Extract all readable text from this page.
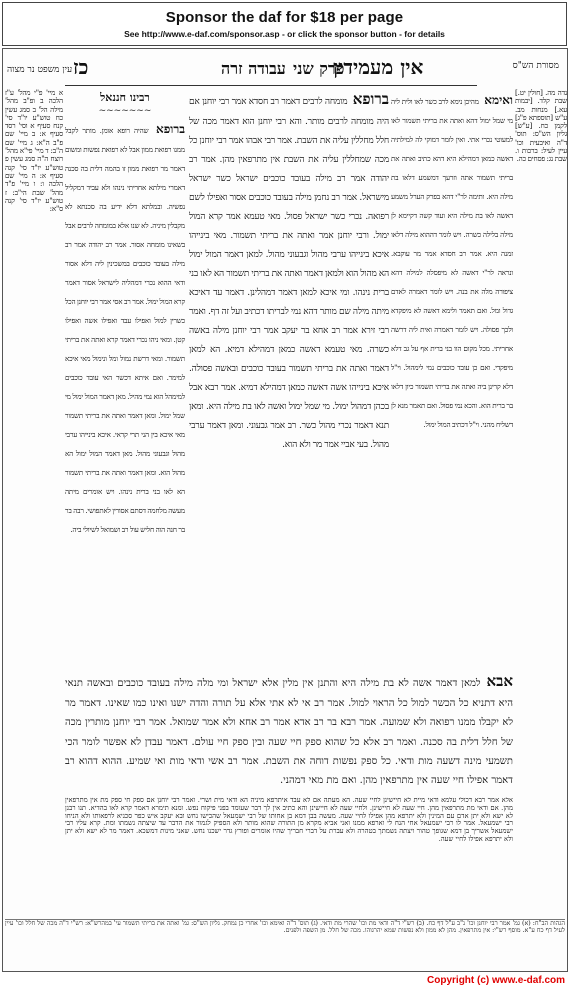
Sponsor the daf for $18 per page
See http://www.e-daf.com/sponsor.asp - or click the sponsor button - for details
עין משפט נר מצוה כז	עבודה זרה פרק שני
אין מעמידין	מסורת הש"ס
א מיי' פ"י מהל' ע"ז הלכה ב ופ"ב מהל' מילה הל' ב סמג עשין כח טוש"ע יו"ד סי' קנח סעיף א וסי' רסד סעיף א: ב מיי' שם פ"ב ה"א: ג מיי' שם ה"ב: ד מיי' פי"א מהל' רוצח ה"ה סמג עשין פ טוש"ע יו"ד סי' קנה סעיף א: ה מיי' שם הלכה ו: ו מיי' פ"ד מהל' שבת הי"ב: ז טוש"ע יו"ד סי' קנה ס"א:
רבינו חננאל
~~~~~~~
ברופא שהיה רופא אומן. מותר לקבל ממנו רפואת ממון אבל לא רפואת נפשות ומשום דאמר מר רפואת ממון זו בהמה דלית בה סכנה דאמרי מילתא אחריתי נינהו ולא עביד דמקליל נפשיה. ובמלתא דלא ידיע בה סכנתא לא מקבלין מיניה. לא שנו אלא במומחה לרבים אבל בשאינו מומחה אסור. אמר רב יהודה אמר רב מילה בעובד כוכבים במשכינין ליה דלא אסור ודאי ההוא נכרי דמהליה לישראל אסור דאמר קרא המול ימול. אמר רב אסי אמר רבי יוחנן הכל כשרין למול ואפילו עבד ואפילו אשה ואפילו קטן. ומאי ניהו נכרי דאמר קרא ואתה את בריתי תשמור. ומאי דרשת נמול ומל ונימול מאי איכא למימר. ואם איתא דכשר האי עובד כוכבים למימהל הוא נמי מהיל. מאן דאמר המול ימול מי שמל ימול. ומאן דאמר ואתה את בריתי תשמור מאי איכא בין הני תרי קראי. איכא בינייהו ערבי מהול וגבעוני מהול. מאן דאמר המול ימול הא מהול הוא. ומאן דאמר ואתה את בריתי תשמור הא לאו בני ברית נינהו. ויש אומרים מיתה מעשה מלחמה דסתם אסורין לאתפושי. רבה בר בר חנה הוה חליש עול רב ושמואל לשיולי ביה.
ברופא מומחה לרבים דאמר רב חסדא אמר רבי יוחנן אם היה מומחה לרבים מותר. והא רבי יוחנן הוא דאמר מכה של חלל מחללין עליה את השבת. אמר רבי אבהו אמר רבי יוחנן כל מכה שמחללין עליה את השבת אין מתרפאין מהן. אמר רב יהודה אמר רב מילה בעובד כוכבים ישראל כשר ישראל מישראל. אמר רב נחמן מילה בעובד כוכבים אסור ואפילו לשם רפואה. נכרי כשר ישראל פסול. מאי טעמא אמר קרא המול ימול. ורבי יוחנן אמר ואתה את בריתי תשמור. מאי בינייהו איכא בינייהו ערבי מהול וגבעוני מהול. למאן דאמר המול ימול הא מהול הוא ולמאן דאמר ואתה את בריתי תשמור הא לאו בני ברית נינהו. ומי איכא למאן דאמר דמהלינן. דאמר עד דאיכא מיתה מילה שם מותר דהא נמי לבריתו דכתיב ועל זה דף. ואמר רבי זירא אמר רב אחא בר יעקב אמר רבי יוחנן מילה באשה כשרה. מאי טעמא דאשה כמאן דמהילא דמיא. הא למאן דאמר ואתה את בריתי תשמור בעובד כוכבים ובאשה פסולה. איכא בינייהו אשה דאשה כמאן דמהילא דמיא. אמר רבא אבל בכהן דמהול ימול. מי שמל ימול ואשה לאו בת מילה היא. ומאן תנא דאמר נכרי מהול כשר. רב אמר גבעוני. ומאן דאמר ערבי מהול. בעי אביי אמר מר ולא הוא.
ואימא מהיכן נימא לרב כשר לאו ולית ליה מי שמל ימול דהא ואתה את בריתי תשמור לאו למעוטי נכרי אתי. ואין לומר דמוקי לה למילתיה דאשה כמאן דמהילא היא דהא כתיב ואתה את בריתי תשמור אתה וזרעך דמשמע דלאו בת מילה היא. ותימה לר"י דהא בפרק הערל משמע דאשה לאו בת מילה היא ועוד קשה דקיימא לן מילה בלילה כשרה. ויש לומר דההוא מילה דלאו זמנה היא. אמר רב חסדא אמר מר עוקבא. ונראה לר"י דאשה לא מיפסלה למילה דהא ציפורה מלה את בנה. ויש לומר דאמרה לאדם גדול ומל. ואם תאמר ולימא דאשה לא מיפקדא ולכך פסולה. ויש לומר דאמרה ואית ליה דרשה אחריתי. מכל מקום הוו בני ברית אף על גב דלא מיפקדי. ואם כן עובד כוכבים נמי לימהול. וי"ל דלא קרינן ביה ואתה את בריתי תשמור כיון דלאו בר ברית הוא. והכא נמי פסול. ואם תאמר מנא לן דשליח מהני. וי"ל דכתיב המול ימול.
נדה מה. [חולין יט.] שבת קלד. [יבמות עא.] מנחות מב. ע"ש [תוספתא פ"ג] לקמן כח. [ע"ש] גליון הש"ס: תוס' ד"ה ואיבעית וכו' עיין לעיל: ברכות ו. שבת נג: פסחים כה.
אבא למאן דאמר אשה לא בת מילה היא והתנן אין מלין אלא ישראל ומי מלה מילה בעובד כוכבים ובאשה תנאי היא דתניא כל הכשר למול כל הראוי למול. אמר רב אי לא אתי אלא על תורה והדה ישנו ואינו כמו שאינו. דאמר מר לא יקבלו ממנו רפואה ולא שמועה. אמר רבא בר רב אדא אמר רב אחא ולא אמר שמואל. אמר רבי יוחנן מותרין מכה של חלל דלית בה סכנה. ואמר רב אלא כל שהוא ספק חיי שעה ובין ספק חיי עולם. דאמר עבדן לא אפשר לומר הכי תשמעי מינה דשעה מות ודאי. כל ספק נפשות דוחה את השבת. אמר רב אשי ודאי מות ואי שמיע. ההוא דהוא רב דאמר אפילו חיי שעה אין מתרפאין מהן. ואם מת מאי דמהני.
אלא אמר רבא דכולי עלמא ודאי מיית לא חיישינן לחיי שעה. הא מעתה אם לא עבד איתרפא מיניה הא ודאי מית ושרי. ואמר רבי יוחנן אם ספק חי ספק מת אין מתרפאין מהן. אם ודאי מת מתרפאין מהן. חיי שעה לא חיישינן. ולחיי שעה לא חיישינן והא כתיב אין לך דבר שעומד בפני פיקוח נפש. ומנא תימרא דאמר קרא לאו בהדיא. תנו רבנן לא ישא ולא יתן אדם עם המינין ולא יתרפא מהן אפילו לחיי שעה. מעשה בבן דמא בן אחותו של רבי ישמעאל שהכישו נחש ובא יעקב איש כפר סכניא לרפאותו ולא הניחו רבי ישמעאל. אמר לו רבי ישמעאל אחי הנח לי וארפא ממנו ואני אביא מקרא מן התורה שהוא מותר ולא הספיק לגמור את הדבר עד שיצתה נשמתו ומת. קרא עליו רבי ישמעאל אשריך בן דמא שגופך טהור ויצתה נשמתך בטהרה ולא עברת על דברי חבריך שהיו אומרים ופורץ גדר ישכנו נחש. שאני מינות דמשכא. דאמר מר לא ישא ולא יתן ולא יתרפא אפילו לחיי שעה.
הגהות הב"ח: (א) גמ' אמר רבי יוחנן וכו' נ"ב ע"ל דף כח. (ב) רש"י ד"ה ודאי מת וכו' שהרי מת ודאי. (ג) תוס' ד"ה ואימא וכו' אחרי כן נמחק. גליון הש"ס: גמ' ואתה את בריתי תשמור עי' במהרש"א: רש"י ד"ה מכה של חלל וכו' עיין לעיל דף כח ע"א. מוסף רש"י: אין מתרפאין. מהן לא ממון ולא נפשות שמא יהרגוהו. מכה של חלל. מן השפה ולפנים.
Copyright (c) www.e-daf.com
